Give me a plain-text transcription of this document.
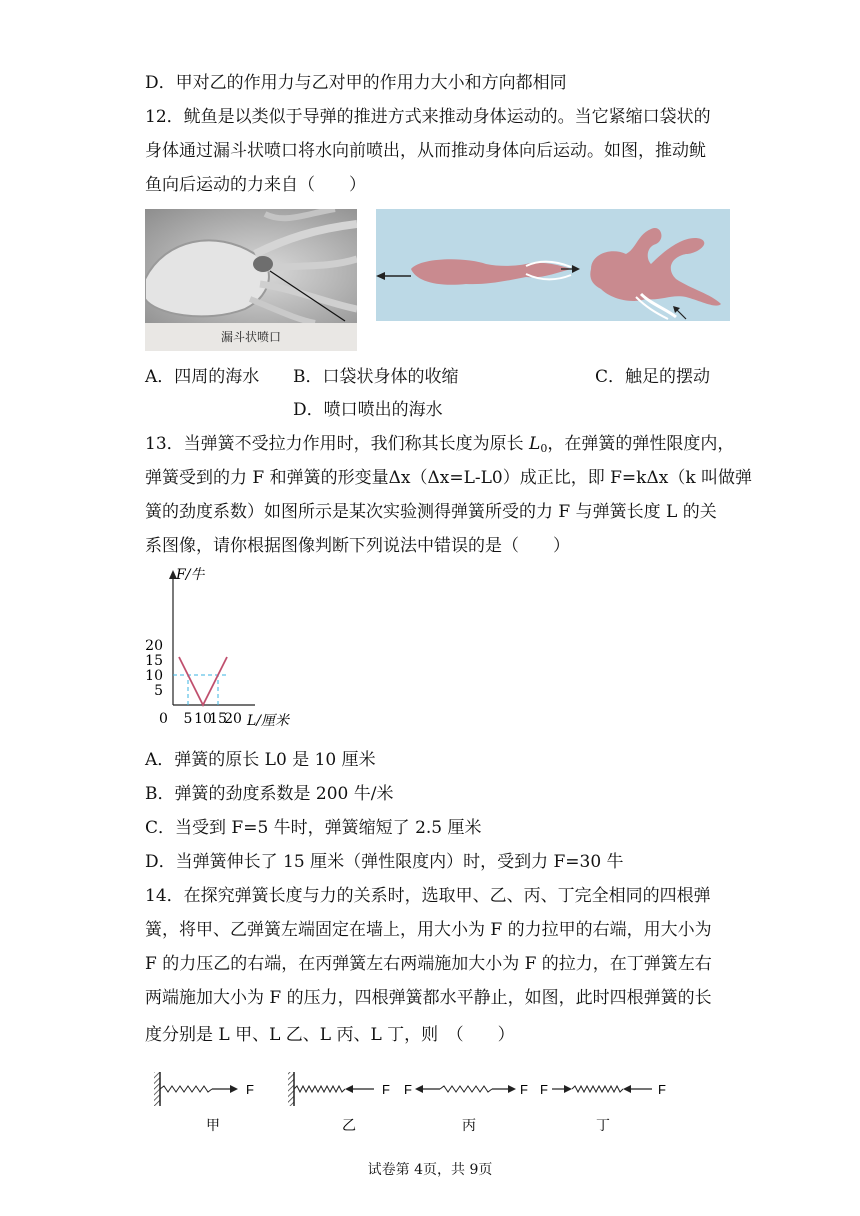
D．甲对乙的作用力与乙对甲的作用力大小和方向都相同
12．鱿鱼是以类似于导弹的推进方式来推动身体运动的。当它紧缩口袋状的
身体通过漏斗状喷口将水向前喷出，从而推动身体向后运动。如图，推动鱿
鱼向后运动的力来自（　　）
漏斗状喷口
A．四周的海水 B．口袋状身体的收缩	C．触足的摆动
D．喷口喷出的海水
13．当弹簧不受拉力作用时，我们称其长度为原长 $L_0$，在弹簧的弹性限度内，
弹簧受到的力 F 和弹簧的形变量Δx（Δx=L-L0）成正比，即 F=kΔx（k 叫做弹
簧的劲度系数）如图所示是某次实验测得弹簧所受的力 F 与弹簧长度 L 的关
系图像，请你根据图像判断下列说法中错误的是（　　）
F/牛
L/厘米
0 5 10
15
20
5
10
15
20
A．弹簧的原长 L0 是 10 厘米
B．弹簧的劲度系数是 200 牛/米
C．当受到 F=5 牛时，弹簧缩短了 2.5 厘米
D．当弹簧伸长了 15 厘米（弹性限度内）时，受到力 F=30 牛
14．在探究弹簧长度与力的关系时，选取甲、乙、丙、丁完全相同的四根弹
簧，将甲、乙弹簧左端固定在墙上，用大小为 F 的力拉甲的右端，用大小为
F 的力压乙的右端，在丙弹簧左右两端施加大小为 F 的拉力，在丁弹簧左右
两端施加大小为 F 的压力，四根弹簧都水平静止，如图，此时四根弹簧的长
度分别是 L 甲、L 乙、L 丙、L 丁，则　（　　）
F
甲
F
乙
F	F
丙
F	F
丁
试卷第 4页，共 9页
